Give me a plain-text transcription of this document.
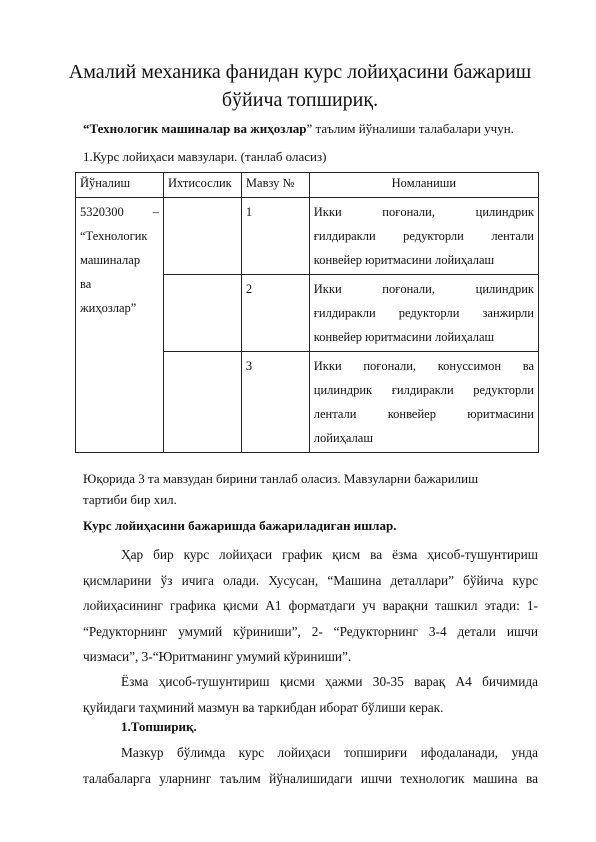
Амалий механика фанидан курс лойиҳасини бажариш
бўйича топшириқ.
“Технологик машиналар ва жиҳозлар” таълим йўналиши талабалари учун.
1.Курс лойиҳаси мавзулари. (танлаб оласиз)
Йўналиш	Ихтисослик	Мавзу №	Номланиши

5320300 –
“Технологик
машиналар
ва
жиҳозлар”		1	Икки поғонали, цилиндрик
ғилдиракли редукторли лентали
конвейер юритмасини лойиҳалаш

		2	Икки поғонали, цилиндрик
ғилдиракли редукторли занжирли
конвейер юритмасини лойиҳалаш

		3	Икки поғонали, конуссимон ва
цилиндрик ғилдиракли редукторли
лентали конвейер юритмасини
лойиҳалаш
Юқорида 3 та мавзудан бирини танлаб оласиз. Мавзуларни бажарилиш
тартиби бир хил.
Курс лойиҳасини бажаришда бажариладиган ишлар.
Ҳар бир курс лойиҳаси график қисм ва ёзма ҳисоб-тушунтириш
қисмларини ўз ичига олади. Хусусан, “Машина деталлари” бўйича курс
лойиҳасининг графика қисми А1 форматдаги уч варақни ташкил этади: 1-
“Редукторнинг умумий кўриниши”, 2- “Редукторнинг 3-4 детали ишчи
чизмаси”, 3-“Юритманинг умумий кўриниши”.
Ёзма ҳисоб-тушунтириш қисми ҳажми 30-35 варақ А4 бичимида
қуйидаги таҳминий мазмун ва таркибдан иборат бўлиши керак.
1.Топшириқ.
Мазкур бўлимда курс лойиҳаси топшириғи ифодаланади, унда
талабаларга уларнинг таълим йўналишидаги ишчи технологик машина ва
